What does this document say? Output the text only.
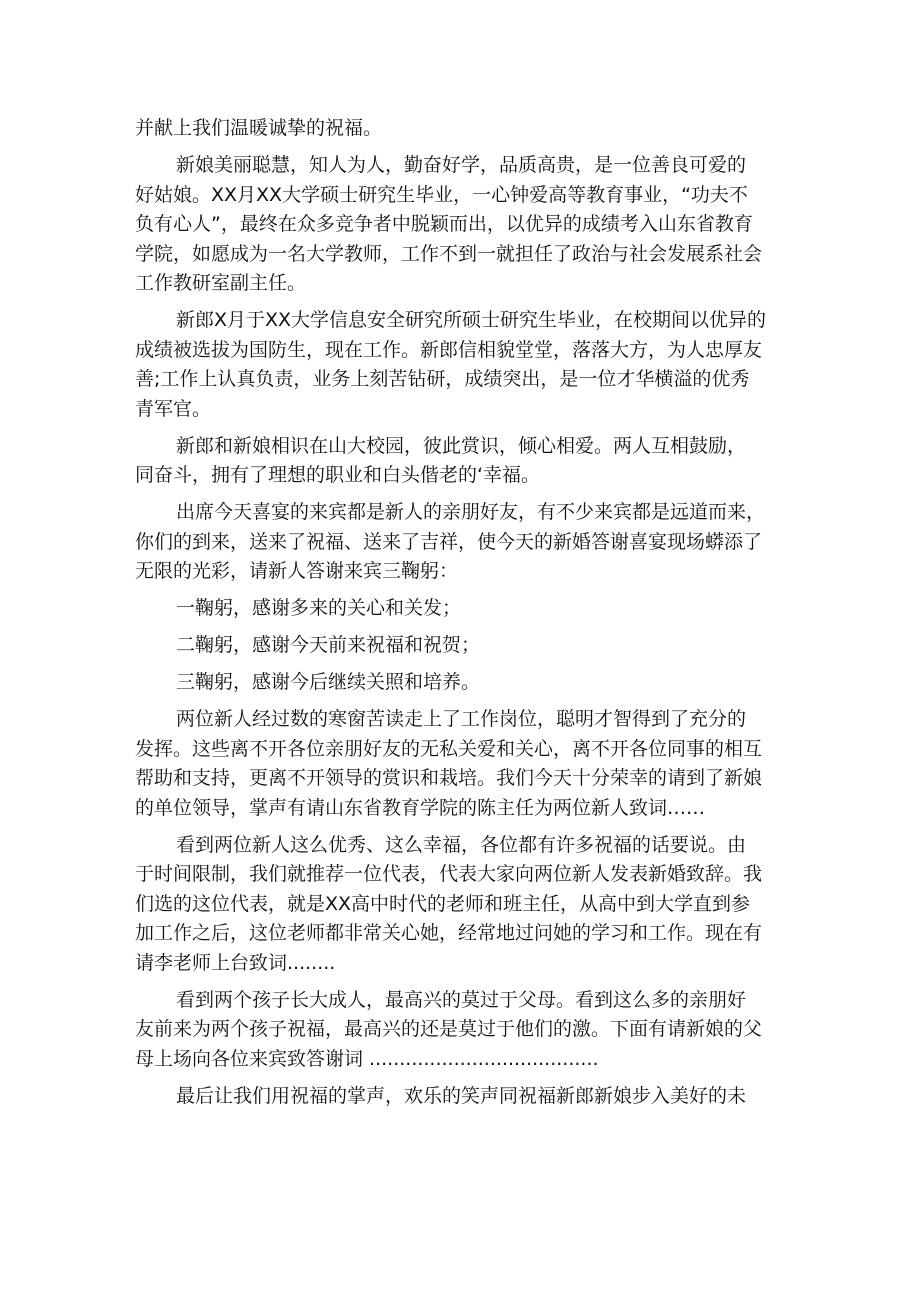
并献上我们温暖诚挚的祝福。
新娘美丽聪慧，知人为人，勤奋好学，品质高贵，是一位善良可爱的
好姑娘。XX月XX大学硕士研究生毕业，一心钟爱高等教育事业，“功夫不
负有心人”，最终在众多竞争者中脱颖而出，以优异的成绩考入山东省教育
学院，如愿成为一名大学教师，工作不到一就担任了政治与社会发展系社会
工作教研室副主任。
新郎X月于XX大学信息安全研究所硕士研究生毕业，在校期间以优异的
成绩被选拔为国防生，现在工作。新郎信相貌堂堂，落落大方，为人忠厚友
善;工作上认真负责，业务上刻苦钻研，成绩突出，是一位才华横溢的优秀
青军官。
新郎和新娘相识在山大校园，彼此赏识，倾心相爱。两人互相鼓励，
同奋斗，拥有了理想的职业和白头偕老的‘幸福。
出席今天喜宴的来宾都是新人的亲朋好友，有不少来宾都是远道而来，
你们的到来，送来了祝福、送来了吉祥，使今天的新婚答谢喜宴现场蟒添了
无限的光彩，请新人答谢来宾三鞠躬：
一鞠躬，感谢多来的关心和关发；
二鞠躬，感谢今天前来祝福和祝贺；
三鞠躬，感谢今后继续关照和培养。
两位新人经过数的寒窗苦读走上了工作岗位，聪明才智得到了充分的
发挥。这些离不开各位亲朋好友的无私关爱和关心，离不开各位同事的相互
帮助和支持，更离不开领导的赏识和栽培。我们今天十分荣幸的请到了新娘
的单位领导，掌声有请山东省教育学院的陈主任为两位新人致词……
看到两位新人这么优秀、这么幸福，各位都有许多祝福的话要说。由
于时间限制，我们就推荐一位代表，代表大家向两位新人发表新婚致辞。我
们选的这位代表，就是XX高中时代的老师和班主任，从高中到大学直到参
加工作之后，这位老师都非常关心她，经常地过问她的学习和工作。现在有
请李老师上台致词........
看到两个孩子长大成人，最高兴的莫过于父母。看到这么多的亲朋好
友前来为两个孩子祝福，最高兴的还是莫过于他们的激。下面有请新娘的父
母上场向各位来宾致答谢词 ......................................
最后让我们用祝福的掌声，欢乐的笑声同祝福新郎新娘步入美好的未
